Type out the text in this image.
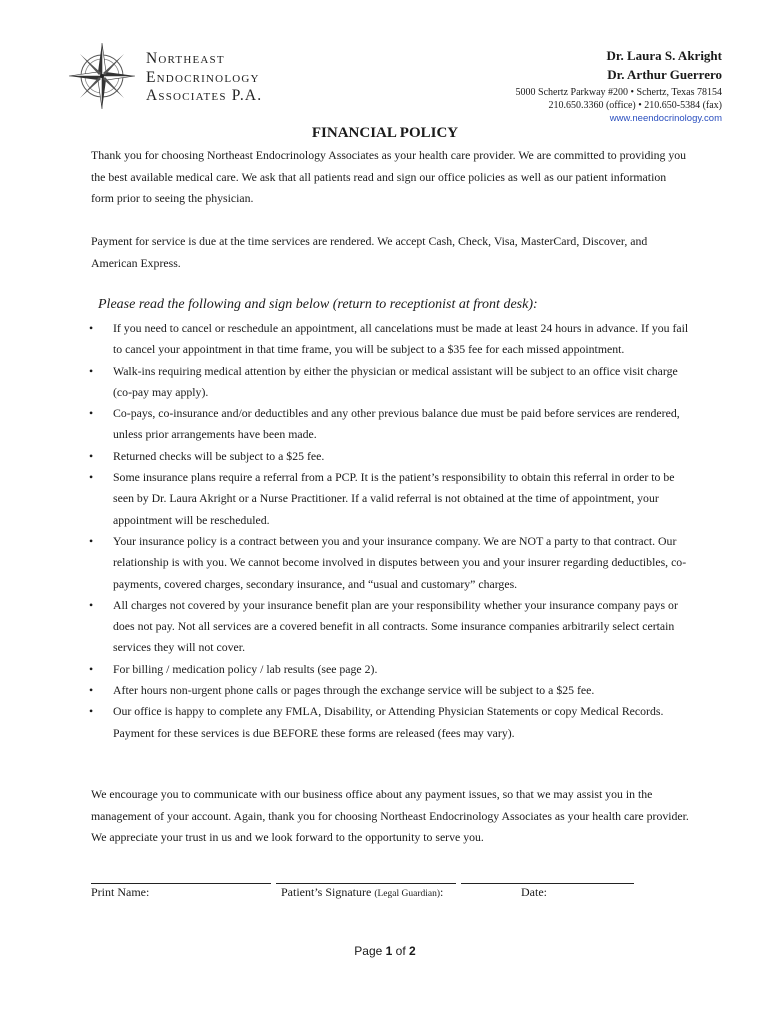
Northeast
Endocrinology
Associates P.A.
Dr. Laura S. Akright
Dr. Arthur Guerrero
5000 Schertz Parkway #200 • Schertz, Texas 78154
210.650.3360 (office) • 210.650-5384 (fax)
www.neendocrinology.com
FINANCIAL POLICY
Thank you for choosing Northeast Endocrinology Associates as your health care provider. We are committed to providing you the best available medical care. We ask that all patients read and sign our office policies as well as our patient information form prior to seeing the physician.
Payment for service is due at the time services are rendered. We accept Cash, Check, Visa, MasterCard, Discover, and American Express.
Please read the following and sign below (return to receptionist at front desk):
• If you need to cancel or reschedule an appointment, all cancelations must be made at least 24 hours in advance. If you fail to cancel your appointment in that time frame, you will be subject to a $35 fee for each missed appointment.
• Walk-ins requiring medical attention by either the physician or medical assistant will be subject to an office visit charge (co-pay may apply).
• Co-pays, co-insurance and/or deductibles and any other previous balance due must be paid before services are rendered, unless prior arrangements have been made.
• Returned checks will be subject to a $25 fee.
• Some insurance plans require a referral from a PCP. It is the patient’s responsibility to obtain this referral in order to be seen by Dr. Laura Akright or a Nurse Practitioner. If a valid referral is not obtained at the time of appointment, your appointment will be rescheduled.
• Your insurance policy is a contract between you and your insurance company. We are NOT a party to that contract. Our relationship is with you. We cannot become involved in disputes between you and your insurer regarding deductibles, co-payments, covered charges, secondary insurance, and “usual and customary” charges.
• All charges not covered by your insurance benefit plan are your responsibility whether your insurance company pays or does not pay. Not all services are a covered benefit in all contracts. Some insurance companies arbitrarily select certain services they will not cover.
• For billing / medication policy / lab results (see page 2).
• After hours non-urgent phone calls or pages through the exchange service will be subject to a $25 fee.
• Our office is happy to complete any FMLA, Disability, or Attending Physician Statements or copy Medical Records. Payment for these services is due BEFORE these forms are released (fees may vary).
We encourage you to communicate with our business office about any payment issues, so that we may assist you in the management of your account. Again, thank you for choosing Northeast Endocrinology Associates as your health care provider. We appreciate your trust in us and we look forward to the opportunity to serve you.
Print Name:	Patient’s Signature (Legal Guardian):	Date:
Page 1 of 2
